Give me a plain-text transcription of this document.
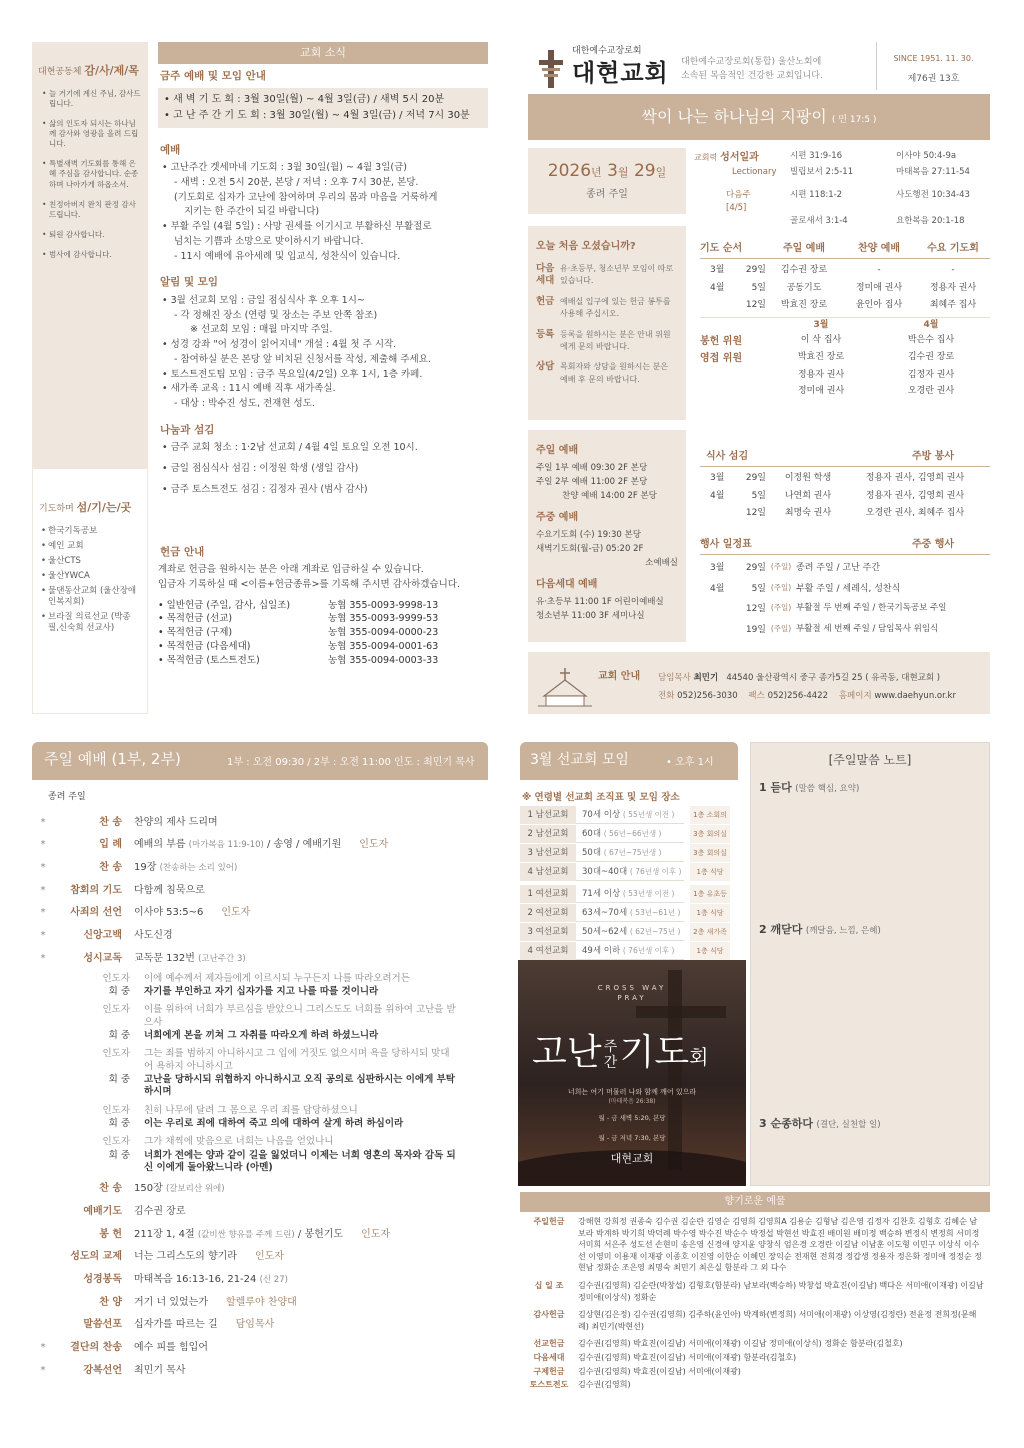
대현공동체 감/사/제/목
• 늘 거기에 계신 주님, 감사드립니다.
• 삶의 인도자 되시는 하나님께 감사와 영광을 올려 드립니다.
• 특별새벽 기도회를 통해 은혜 주심을 감사합니다. 순종하며 나아가게 하옵소서.
• 친정아버지 완치 판정 감사드립니다.
• 퇴원 감사합니다.
• 범사에 감사합니다.
기도하며 섬/기/는/곳
• 한국기독공보
• 예인 교회
• 울산CTS
• 울산YWCA
• 물댄동산교회 (울산장애인복지회)
• 브라질 의료선교 (박종필,신숙희 선교사)
교회 소식
금주 예배 및 모임 안내
• 새 벽 기 도 회 : 3월 30일(월) ~ 4월 3일(금) / 새벽 5시 20분
• 고 난 주 간 기 도 회 : 3월 30일(월) ~ 4월 3일(금) / 저녁 7시 30분
예배
• 고난주간 겟세마네 기도회 : 3월 30일(월) ~ 4월 3일(금)
- 새벽 : 오전 5시 20분, 본당 / 저녁 : 오후 7시 30분, 본당.
(기도회로 십자가 고난에 참여하며 우리의 몸과 마음을 거룩하게
지키는 한 주간이 되길 바랍니다)
• 부활 주일 (4월 5일) : 사망 권세를 이기시고 부활하신 부활절로
넘치는 기쁨과 소망으로 맞이하시기 바랍니다.
- 11시 예배에 유아세례 및 입교식, 성찬식이 있습니다.
알림 및 모임
• 3월 선교회 모임 : 금일 점심식사 후 오후 1시~
- 각 정해진 장소 (연령 및 장소는 주보 안쪽 참조)
※ 선교회 모임 : 매월 마지막 주일.
• 성경 강좌 "어 성경이 읽어지네" 개설 : 4월 첫 주 시작.
- 참여하실 분은 본당 앞 비치된 신청서를 작성, 제출해 주세요.
• 토스트전도팀 모임 : 금주 목요일(4/2일) 오후 1시, 1층 카페.
• 새가족 교육 : 11시 예배 직후 새가족실.
- 대상 : 박수진 성도, 전재현 성도.
나눔과 섬김
• 금주 교회 청소 : 1·2남 선교회 / 4월 4일 토요일 오전 10시.
• 금일 점심식사 섬김 : 이정원 학생 (생일 감사)
• 금주 토스트전도 섬김 : 김정자 권사 (범사 감사)
헌금 안내

계좌로 헌금을 원하시는 분은 아래 계좌로 입금하실 수 있습니다.

입금자 기록하실 때 <이름+헌금종류>를 기록해 주시면 감사하겠습니다.

• 일반헌금 (주일, 감사, 십일조)	농협 355-0093-9998-13
• 목적헌금 (선교)	농협 355-0093-9999-53
• 목적헌금 (구제)	농협 355-0094-0000-23
• 목적헌금 (다음세대)	농협 355-0094-0001-63
• 목적헌금 (토스트전도)	농협 355-0094-0003-33
대한예수교장로회
대현교회 대한예수교장로회(통합) 울산노회에
소속된 복음적인 건강한 교회입니다.
SINCE 1951. 11. 30.
제76권 13호
싹이 나는 하나님의 지팡이 ( 민 17:5 )
2026년 3월 29일
종려 주일
교회력 성서일과	시편 31:9-16	이사야 50:4-9a
Lectionary 빌립보서 2:5-11	마태복음 27:11-54
다음주 [4/5]
시편 118:1-2	사도행전 10:34-43
골로새서 3:1-4	요한복음 20:1-18
오늘 처음 오셨습니까?
다음 세대
유·초등부, 청소년부 모임이 따로 있습니다.
헌금 예배실 입구에 있는 헌금 봉투를 사용해 주십시오.
등록 등록을 원하시는 분은 안내 위원에게 문의 바랍니다.
상담 목회자와 상담을 원하시는 분은 예배 후 문의 바랍니다.
주일 예배
주일 1부 예배 09:30 2F 본당
주일 2부 예배 11:00 2F 본당
찬양 예배 14:00 2F 본당
주중 예배
수요기도회 (수) 19:30 본당
새벽기도회(월-금) 05:20 2F
소예배실
다음세대 예배
유·초등부 11:00 1F 어린이예배실
청소년부 11:00 3F 세미나실
기도 순서	주일 예배	찬양 예배	수요 기도회
3월	29일	김수권 장로	-	-
4월	5일	공동기도	정미애 권사	정용자 권사
12일	박효진 장로	윤인아 집사	최혜주 집사
3월	4월
봉헌 위원	이 삭 집사	박은수 집사
영접 위원	박효진 장로	김수권 장로
정용자 권사	김정자 권사
정미애 권사	오경란 권사
식사 섬김	주방 봉사
3월	29일	이정원 학생	정용자 권사, 김영희 권사
4월	5일	나연희 권사	정용자 권사, 김영희 권사
12일	최명숙 권사	오경란 권사, 최혜주 집사
행사 일정표	주중 행사
3월	29일 (주일) 종려 주일 / 고난 주간
4월	5일 (주일) 부활 주일 / 세례식, 성찬식
12일 (주일) 부활절 두 번째 주일 / 한국기독공보 주일
19일 (주일) 부활절 세 번째 주일 / 담임목사 위임식
교회 안내 담임목사 최민기 44540 울산광역시 중구 종가5길 25 ( 유곡동, 대현교회 )
전화 052)256-3030 팩스 052)256-4422 홈페이지 www.daehyun.or.kr
주일 예배 (1부, 2부)	1부 : 오전 09:30 / 2부 : 오전 11:00 인도 : 최민기 목사
종려 주일
*	찬 송	찬양의 제사 드리며
*	입 례	예배의 부름 (마가복음 11:9-10) / 송영 / 예배기원 인도자
*	찬 송	19장 (찬송하는 소리 있어)
*	참회의 기도	다함께 침묵으로
*	사죄의 선언	이사야 53:5~6 인도자
*	신앙고백	사도신경
*	성시교독	교독문 132번 (고난주간 3)
인도자	이에 예수께서 제자들에게 이르시되 누구든지 나를 따라오려거든
회 중	자기를 부인하고 자기 십자가를 지고 나를 따를 것이니라
인도자	이를 위하여 너희가 부르심을 받았으니 그리스도도 너희를 위하여 고난을 받으사
회 중	너희에게 본을 끼쳐 그 자취를 따라오게 하려 하셨느니라
인도자	그는 죄를 범하지 아니하시고 그 입에 거짓도 없으시며 욕을 당하시되 맞대어 욕하지 아니하시고
회 중	고난을 당하시되 위협하지 아니하시고 오직 공의로 심판하시는 이에게 부탁하시며
인도자	친히 나무에 달려 그 몸으로 우리 죄를 담당하셨으니
회 중	이는 우리로 죄에 대하여 죽고 의에 대하여 살게 하려 하심이라
인도자	그가 채찍에 맞음으로 너희는 나음을 얻었나니
회 중	너희가 전에는 양과 같이 길을 잃었더니 이제는 너희 영혼의 목자와 감독 되신 이에게 돌아왔느니라 (아멘)
찬 송	150장 (갈보리산 위에)
예배기도	김수권 장로
봉 헌	211장 1, 4절 (값비싼 향유를 주께 드린) / 봉헌기도 인도자
성도의 교제	너는 그리스도의 향기라 인도자
성경봉독	마태복음 16:13-16, 21-24 (신 27)
찬 양	거기 너 있었는가 할렐루야 찬양대
말씀선포	십자가를 따르는 길 담임목사
*	결단의 찬송	예수 피를 힘입어
*	강복선언	최민기 목사
3월 선교회 모임	• 오후 1시
※ 연령별 선교회 조직표 및 모임 장소
1 남선교회	70세 이상 ( 55년생 이전 )	1층 소회의
2 남선교회	60대 ( 56년~66년생 )	3층 회의실
3 남선교회	50대 ( 67년~75년생 )	3층 회의실
4 남선교회	30대~40대 ( 76년생 이후 )	1층 식당
1 여선교회	71세 이상 ( 53년생 이전 )	1층 유초등
2 여선교회	63세~70세 ( 53년~61년 )	1층 식당
3 여선교회	50세~62세 ( 62년~75년 )	2층 새가족
4 여선교회	49세 이하 ( 76년생 이후 )	1층 식당
CROSS WAY
PRAY
고난 주
간기도회
너희는 여기 머물러 나와 함께 깨어 있으라
(마태복음 26:38)
월 - 금 새벽 5:20, 본당
월 - 금 저녁 7:30, 본당
대현교회
[주일말씀 노트]
1 듣다 (말씀 핵심, 요약)
2 깨닫다 (깨달음, 느낌, 은혜)
3 순종하다 (결단, 실천할 일)
향기로운 예물
주일헌금	강해현 강희정 권종숙 김수권 김순란 김영순 김영희 김영희A 김용순 김형남 김은영 김정자 김찬호 김형호 김혜순 남보라 박계하 박기희 박덕례 박수영 박수진 박순수 박정섭 박현선 박효진 배미원 배미정 백승하 변정식 변정희 서미정 서미희 서은주 성도선 손현미 송은영 신경애 양지윤 양창식 엄은경 오경란 이길남 이남훈 이도형 이민구 이상식 이수선 이영미 이용재 이재광 이종호 이진영 이한순 이혜민 장익순 전재현 전희경 정갑생 정용자 정은화 정미애 정정순 정현남 정화순 조은영 최명숙 최민기 최은실 함분라 그 외 다수
십 일 조	김수권(김영희) 김순란(박창섭) 김형호(함분라) 남보라(백승하) 박창섭 박효진(이길남) 백다은 서미애(이재광) 이길남 정미애(이상식) 정화순
감사헌금	김상현(김은정) 김수권(김영희) 김주하(윤인아) 박계하(변정희) 서미애(이재광) 이상영(김정란) 전윤정 전희정(문해례) 최민기(박현선)
선교헌금	김수권(김영희) 박효진(이길남) 서미애(이재광) 이길남 정미애(이상식) 정화순 함분라(김철호)
다음세대	김수권(김영희) 박효진(이길남) 서미애(이재광) 함분라(김철호)
구제헌금	김수권(김영희) 박효진(이길남) 서미애(이재광)
토스트전도	김수권(김영희)
